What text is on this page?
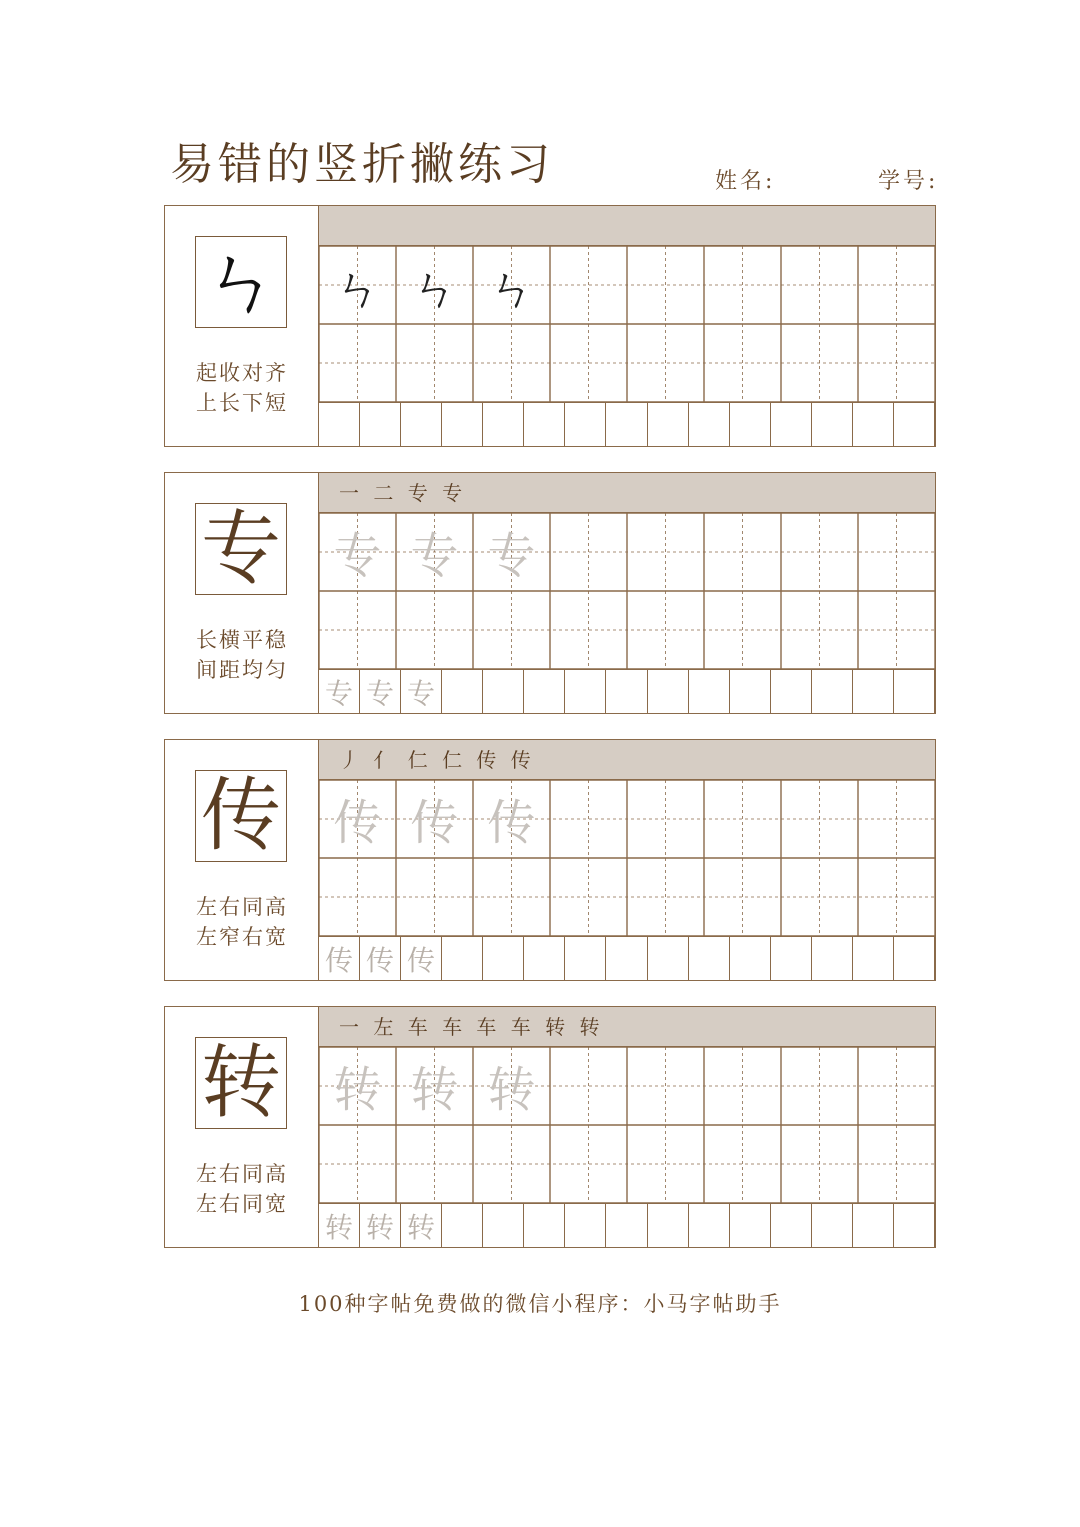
易错的竖折撇练习	姓名:	学号:
ㄣ
起收对齐
上长下短
ㄣ ㄣ ㄣ
专
长横平稳
间距均匀
一 二 专 专
专 专 专
专 专 专
传
左右同高
左窄右宽
丿 亻 仁 仁 传 传
传 传 传
传 传 传
转
左右同高
左右同宽
一 左 车 车 车 车 转 转
转 转 转
转 转 转
100种字帖免费做的微信小程序：小马字帖助手
